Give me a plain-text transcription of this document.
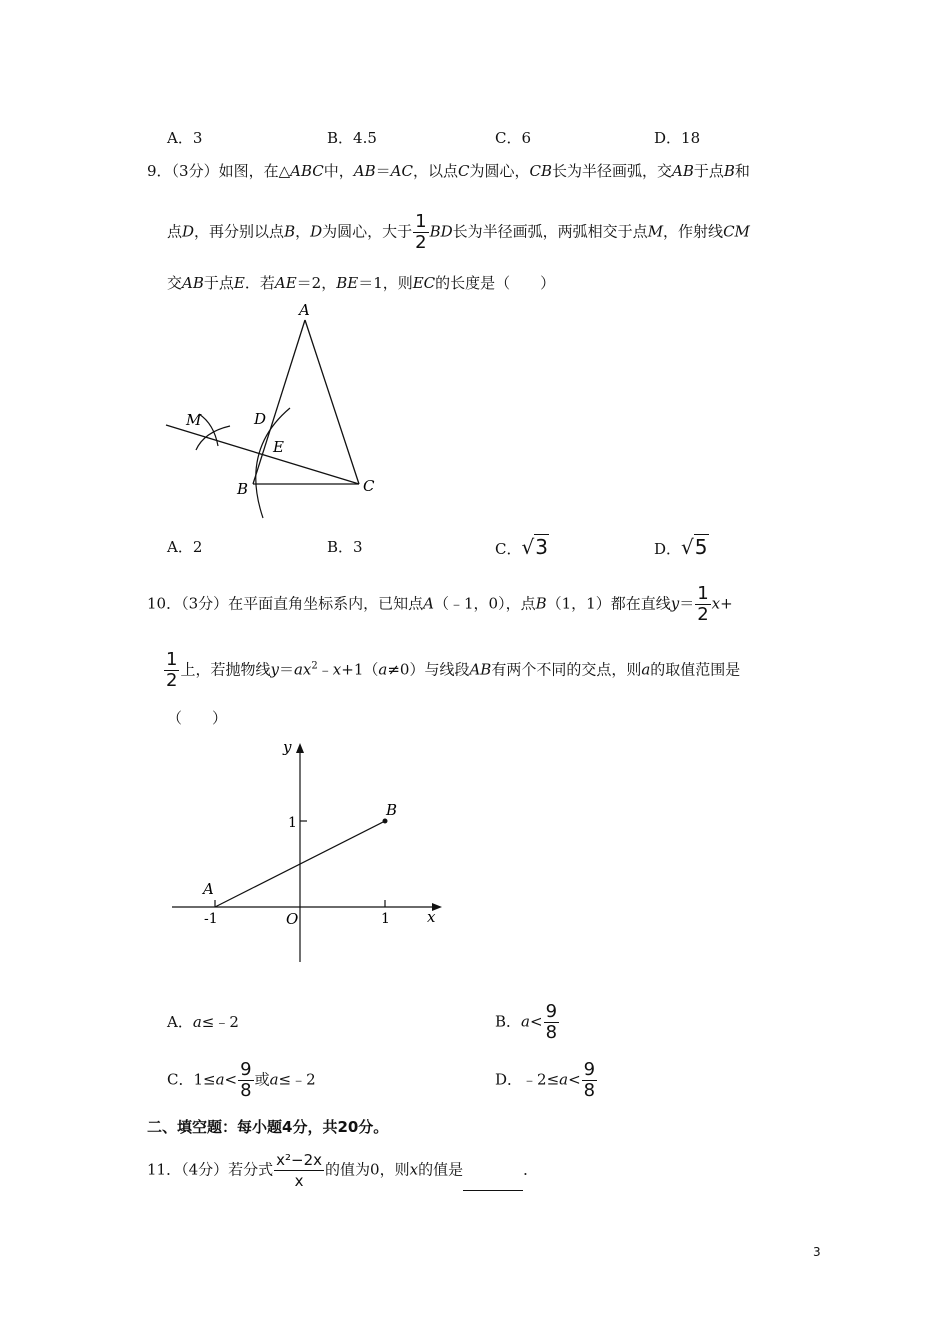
A．3	B．4.5	C．6	D．18
9．（3分）如图，在△ABC中，AB＝AC，以点C为圆心，CB长为半径画弧，交AB于点B和
点D，再分别以点B，D为圆心，大于 $\frac{1}{2}$ BD长为半径画弧，两弧相交于点M，作射线CM
交AB于点E．若AE＝2，BE＝1，则EC的长度是（　　）
A
D
E
M
B	C
A．2	B．3	C．√3	D．√5
10．（3分）在平面直角坐标系内，已知点A（﹣1，0），点B（1，1）都在直线$y= \frac{1}{2} x+$
$\frac{1}{2}$ 上，若抛物线$y=ax^2﹣x+1(a\ne 0)$与线段AB有两个不同的交点，则a的取值范围是
（　　）
y
x
1
B
A
-1	O	1
A．a≤﹣2	B．$a< \frac{9}{8}$
C．$1\le a< \frac{9}{8}$ 或a≤﹣2	D．﹣2≤a< $\frac{9}{8}$
二、填空题：每小题4分，共20分。
11．（4分）若分式 $\frac{\text{x²−2x}}{x}$ 的值为0，则x的值是	．
3
